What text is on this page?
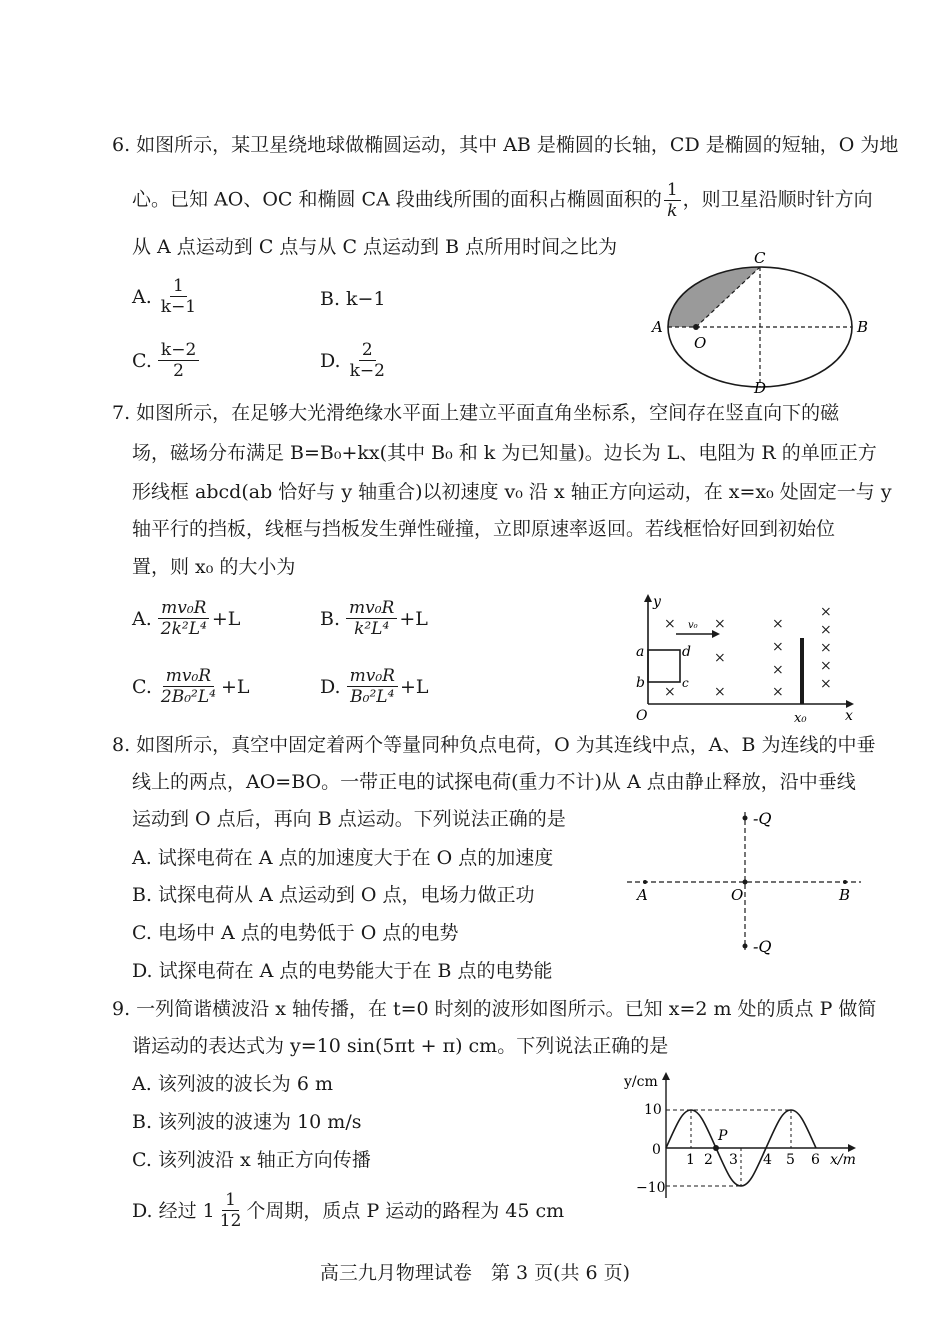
6. 如图所示，某卫星绕地球做椭圆运动，其中 AB 是椭圆的长轴，CD 是椭圆的短轴，O 为地
心。已知 AO、OC 和椭圆 CA 段曲线所围的面积占椭圆面积的 $\frac{1}{k}$ ，则卫星沿顺时针方向
从 A 点运动到 C 点与从 C 点运动到 B 点所用时间之比为
A. $\frac{1}{k-1}$	B. k−1
C. $\frac{k-2}{2}$	D. $\frac{2}{k-2}$
A	B
C
D
O
7. 如图所示，在足够大光滑绝缘水平面上建立平面直角坐标系，空间存在竖直向下的磁
场，磁场分布满足 B=B₀+kx(其中 B₀ 和 k 为已知量)。边长为 L、电阻为 R 的单匝正方
形线框 abcd(ab 恰好与 y 轴重合)以初速度 v₀ 沿 x 轴正方向运动，在 x=x₀ 处固定一与 y
轴平行的挡板，线框与挡板发生弹性碰撞，立即原速率返回。若线框恰好回到初始位
置，则 x₀ 的大小为
A. $\frac{\text{mv₀R}}{\text{2k²L⁴}} +L$	B. $\frac{\text{mv₀R}}{\text{k²L⁴}} +L$
C. $\frac{\text{mv₀R}}{\text{2B₀²L⁴}} +L$	D. $\frac{\text{mv₀R}}{\text{B₀²L⁴}} +L$
y
x
O
a
b
d
c
v₀
×
×
×
×
×
×
×
×
×
×
×
×
×
×
x₀
8. 如图所示，真空中固定着两个等量同种负点电荷，O 为其连线中点，A、B 为连线的中垂
线上的两点，AO=BO。一带正电的试探电荷(重力不计)从 A 点由静止释放，沿中垂线
运动到 O 点后，再向 B 点运动。下列说法正确的是
A. 试探电荷在 A 点的加速度大于在 O 点的加速度
B. 试探电荷从 A 点运动到 O 点，电场力做正功
C. 电场中 A 点的电势低于 O 点的电势
D. 试探电荷在 A 点的电势能大于在 B 点的电势能
-Q
-Q
A	O	B
9. 一列简谐横波沿 x 轴传播，在 t=0 时刻的波形如图所示。已知 x=2 m 处的质点 P 做简
谐运动的表达式为 y=10 sin(5πt + π) cm。下列说法正确的是
A. 该列波的波长为 6 m
B. 该列波的波速为 10 m/s
C. 该列波沿 x 轴正方向传播
D. 经过 $1 \frac{1}{12}$ 个周期，质点 P 运动的路程为 45 cm
y/cm
x/m
10
0
−10
P
1 2 3 4 5 6
高三九月物理试卷　第 3 页(共 6 页)
